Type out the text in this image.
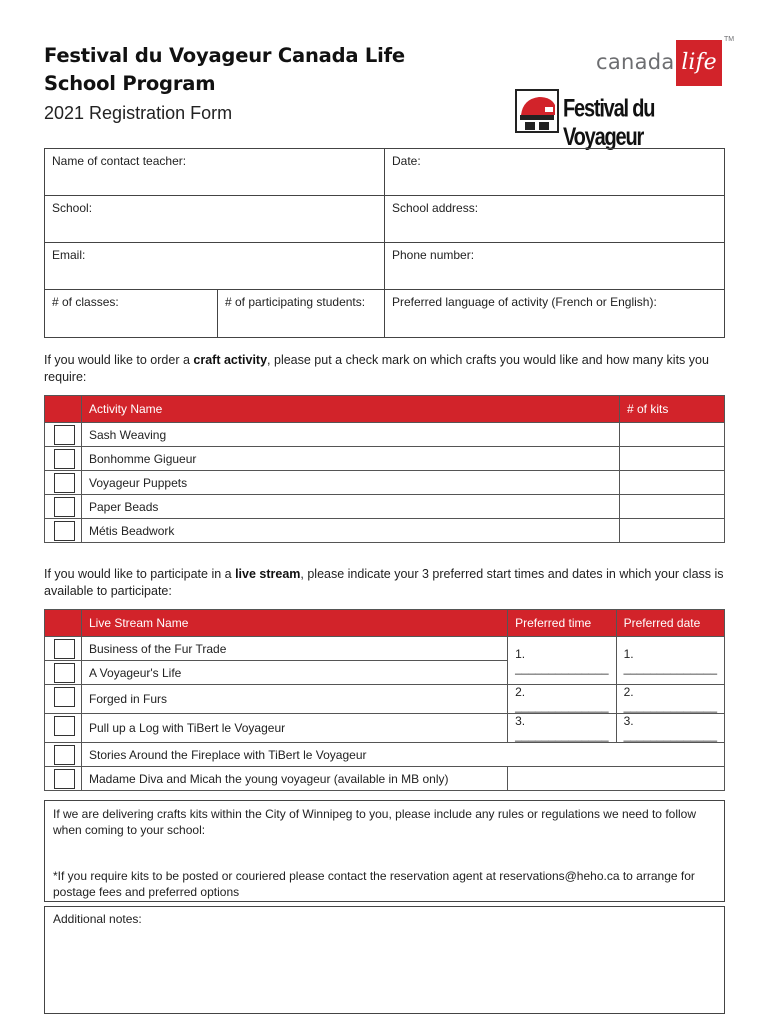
Festival du Voyageur Canada Life
School Program
2021 Registration Form
canada life
TM
Festival du Voyageur
Name of contact teacher:	Date:
School:	School address:
Email:	Phone number:
# of classes:	# of participating students:	Preferred language of activity (French or English):
If you would like to order a craft activity, please put a check mark on which crafts you would like and how many kits you require:
	Activity Name	# of kits

	Sash Weaving	

	Bonhomme Gigueur	

	Voyageur Puppets	

	Paper Beads	

	Métis Beadwork	
If you would like to participate in a live stream, please indicate your 3 preferred start times and dates in which your class is available to participate:
	Live Stream Name	Preferred time	Preferred date

	Business of the Fur Trade	1. ______________	1. ______________

	A Voyageur's Life		

	Forged in Furs	2. ______________	2. ______________

	Pull up a Log with TiBert le Voyageur	3. ______________	3. ______________

	Stories Around the Fireplace with TiBert le Voyageur		

	Madame Diva and Micah the young voyageur (available in MB only)		
If we are delivering crafts kits within the City of Winnipeg to you, please include any rules or regulations we need to follow when coming to your school:
*If you require kits to be posted or couriered please contact the reservation agent at reservations@heho.ca to arrange for postage fees and preferred options
Additional notes:
